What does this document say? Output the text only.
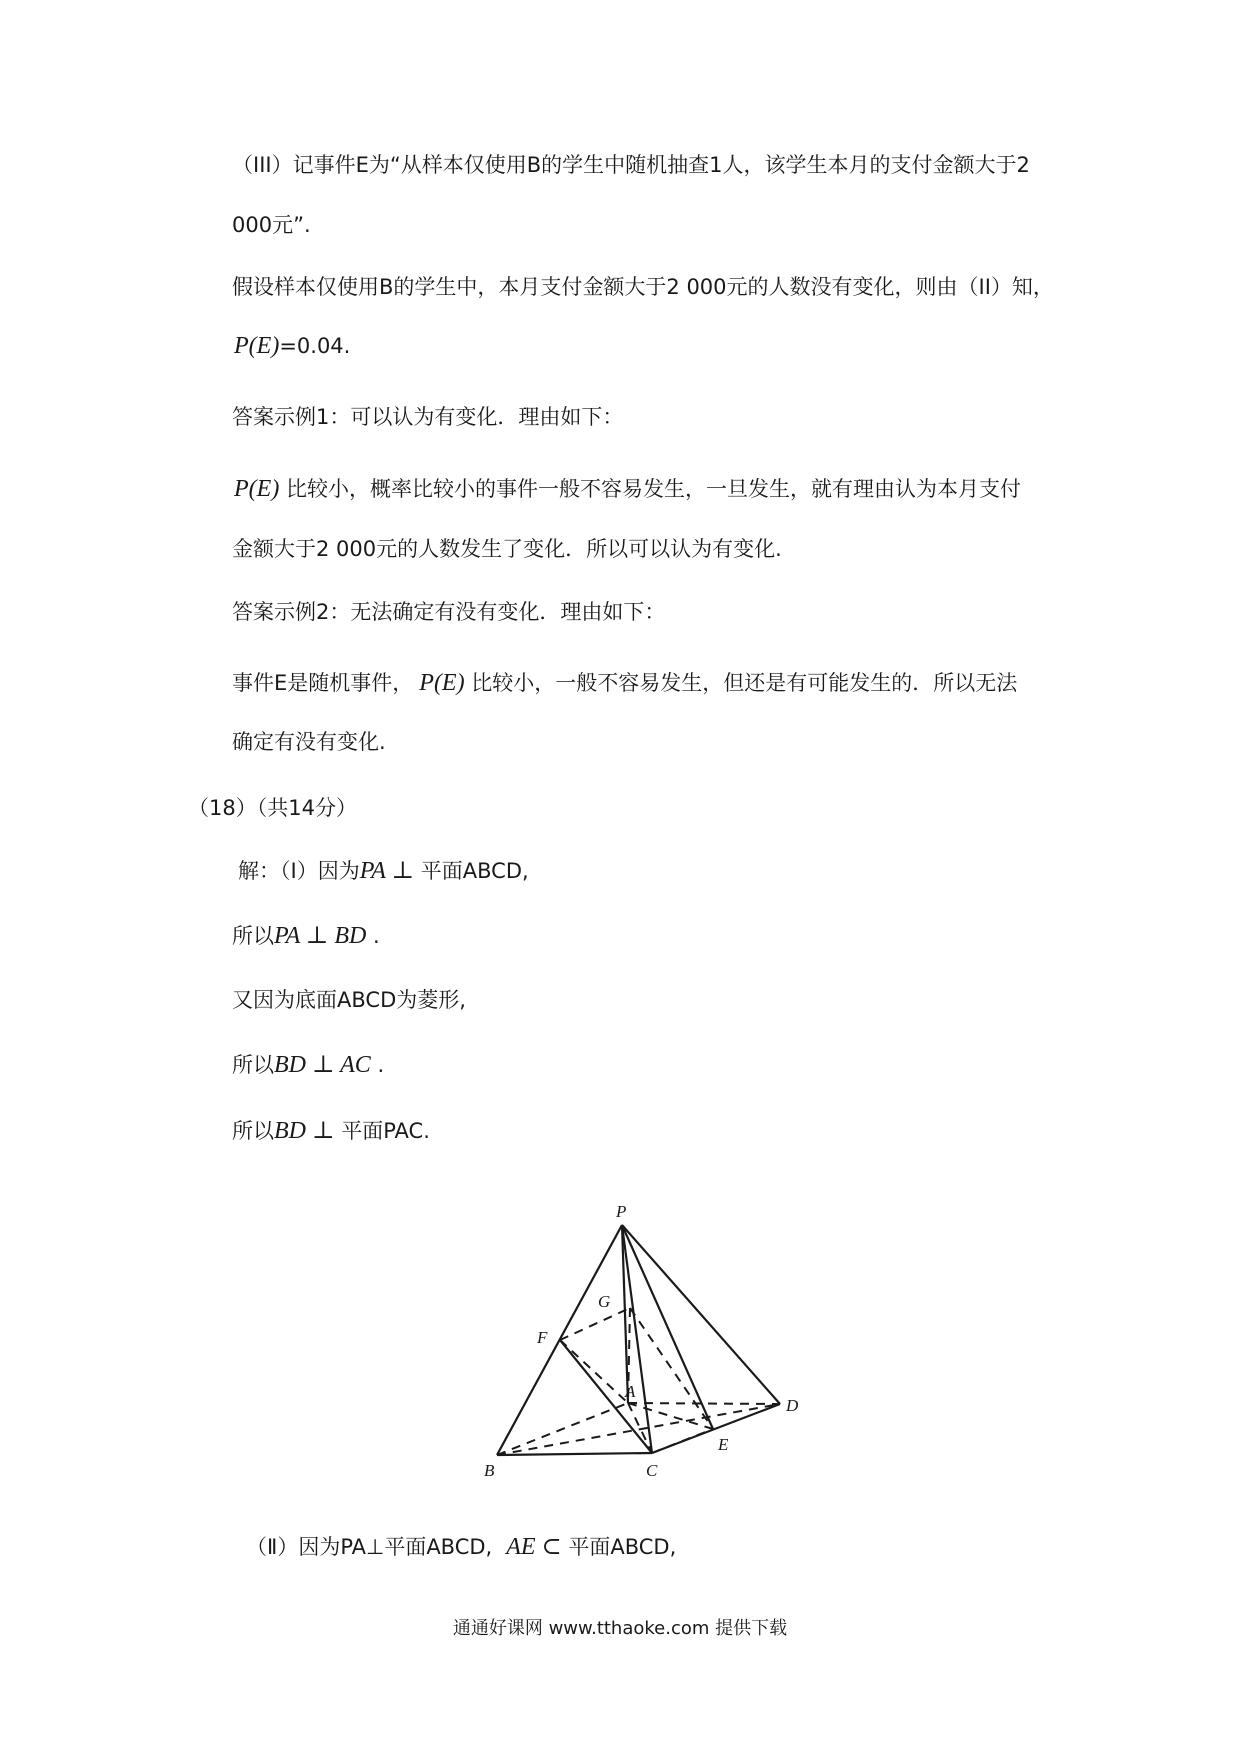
（III）记事件E为“从样本仅使用B的学生中随机抽查1人，该学生本月的支付金额大于2
000元”.
假设样本仅使用B的学生中，本月支付金额大于2 000元的人数没有变化，则由（II）知，
P(E)=0.04.
答案示例1：可以认为有变化．理由如下：
P(E) 比较小，概率比较小的事件一般不容易发生，一旦发生，就有理由认为本月支付
金额大于2 000元的人数发生了变化．所以可以认为有变化.
答案示例2：无法确定有没有变化．理由如下：
事件E是随机事件， P(E) 比较小，一般不容易发生，但还是有可能发生的．所以无法
确定有没有变化.
（18）（共14分）
解：（Ⅰ）因为PA ⊥ 平面ABCD,
所以PA ⊥ BD .
又因为底面ABCD为菱形,
所以BD ⊥ AC .
所以BD ⊥ 平面PAC.
P
G
F
A
D
E
B	C
（Ⅱ）因为PA⊥平面ABCD, AE ⊂ 平面ABCD,
通通好课网 www.tthaoke.com 提供下载
